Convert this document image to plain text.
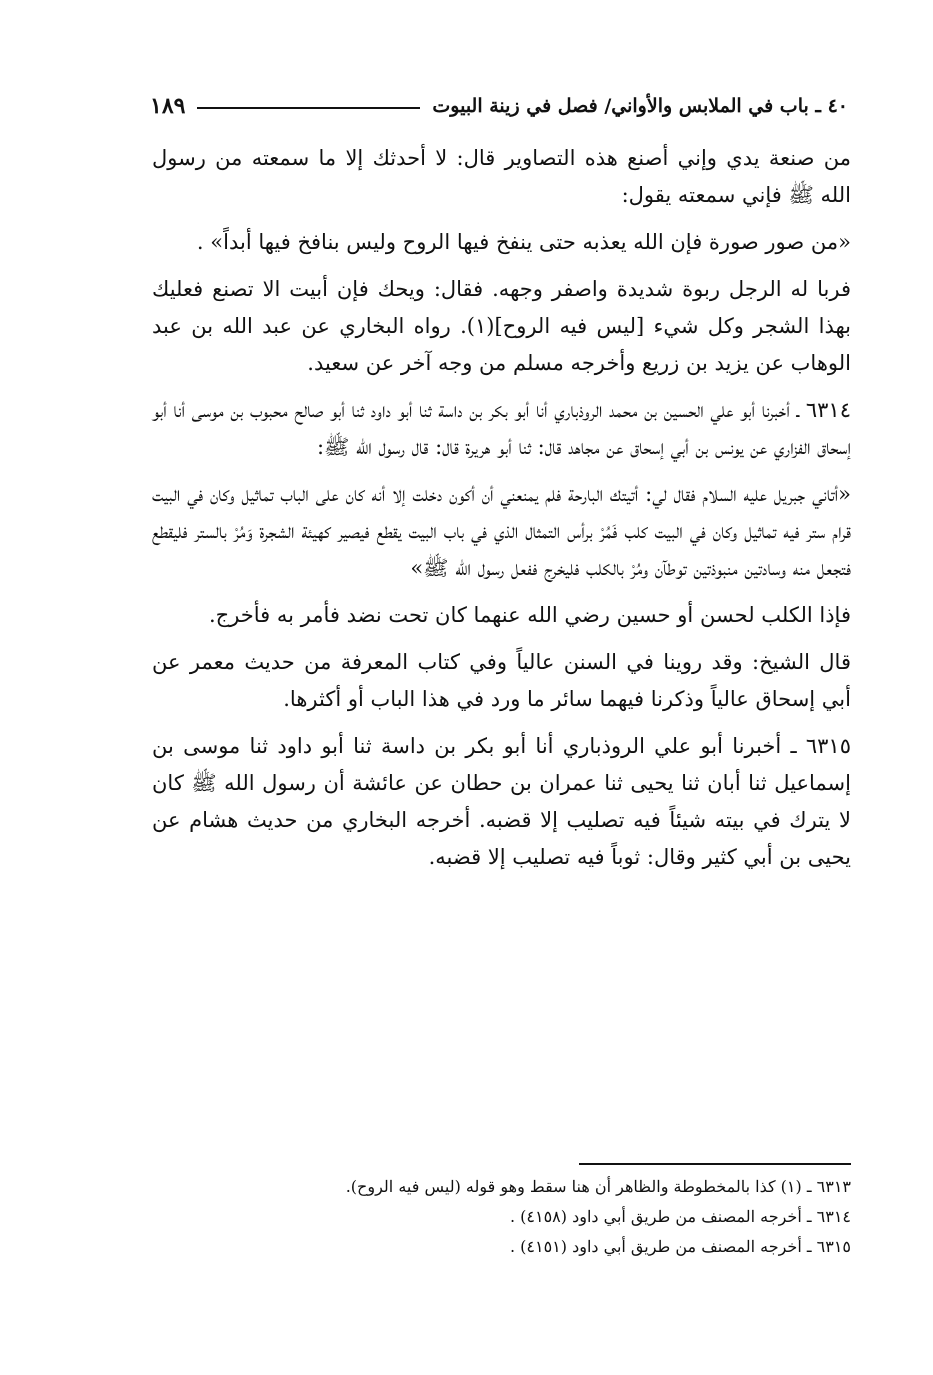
٤٠ ـ باب في الملابس والأواني/ فصل في زينة البيوت
١٨٩

من صنعة يدي وإني أصنع هذه التصاوير قال: لا أحدثك إلا ما سمعته من رسول الله ﷺ فإني سمعته يقول:

«من صور صورة فإن الله يعذبه حتى ينفخ فيها الروح وليس بنافخ فيها أبداً» .

فربا له الرجل ربوة شديدة واصفر وجهه. فقال: ويحك فإن أبيت الا تصنع فعليك بهذا الشجر وكل شيء [ليس فيه الروح](١). رواه البخاري عن عبد الله بن عبد الوهاب عن يزيد بن زريع وأخرجه مسلم من وجه آخر عن سعيد.

٦٣١٤ ـ أخبرنا أبو علي الحسين بن محمد الروذباري أنا أبو بكر بن داسة ثنا أبو داود ثنا أبو صالح محبوب بن موسى أنا أبو إسحاق الفزاري عن يونس بن أبي إسحاق عن مجاهد قال: ثنا أبو هريرة قال: قال رسول الله ﷺ:

«أتاني جبريل عليه السلام فقال لي: أتيتك البارحة فلم يمنعني أن أكون دخلت إلا أنه كان على الباب تماثيل وكان في البيت قرام ستر فيه تماثيل وكان في البيت كلب فَمُرْ برأس التمثال الذي في باب البيت يقطع فيصير كهيئة الشجرة وَمُرْ بالستر فليقطع فتجعل منه وسادتين منبوذتين توطآن ومُرْ بالكلب فليخرج ففعل رسول الله ﷺ»

فإذا الكلب لحسن أو حسين رضي الله عنهما كان تحت نضد فأمر به فأخرج.

قال الشيخ: وقد روينا في السنن عالياً وفي كتاب المعرفة من حديث معمر عن أبي إسحاق عالياً وذكرنا فيهما سائر ما ورد في هذا الباب أو أكثرها.

٦٣١٥ ـ أخبرنا أبو علي الروذباري أنا أبو بكر بن داسة ثنا أبو داود ثنا موسى بن إسماعيل ثنا أبان ثنا يحيى ثنا عمران بن حطان عن عائشة أن رسول الله ﷺ كان لا يترك في بيته شيئاً فيه تصليب إلا قضبه. أخرجه البخاري من حديث هشام عن يحيى بن أبي كثير وقال: ثوباً فيه تصليب إلا قضبه.

٦٣١٣ ـ (١) كذا بالمخطوطة والظاهر أن هنا سقط وهو قوله (ليس فيه الروح).

٦٣١٤ ـ أخرجه المصنف من طريق أبي داود (٤١٥٨) .

٦٣١٥ ـ أخرجه المصنف من طريق أبي داود (٤١٥١) .
